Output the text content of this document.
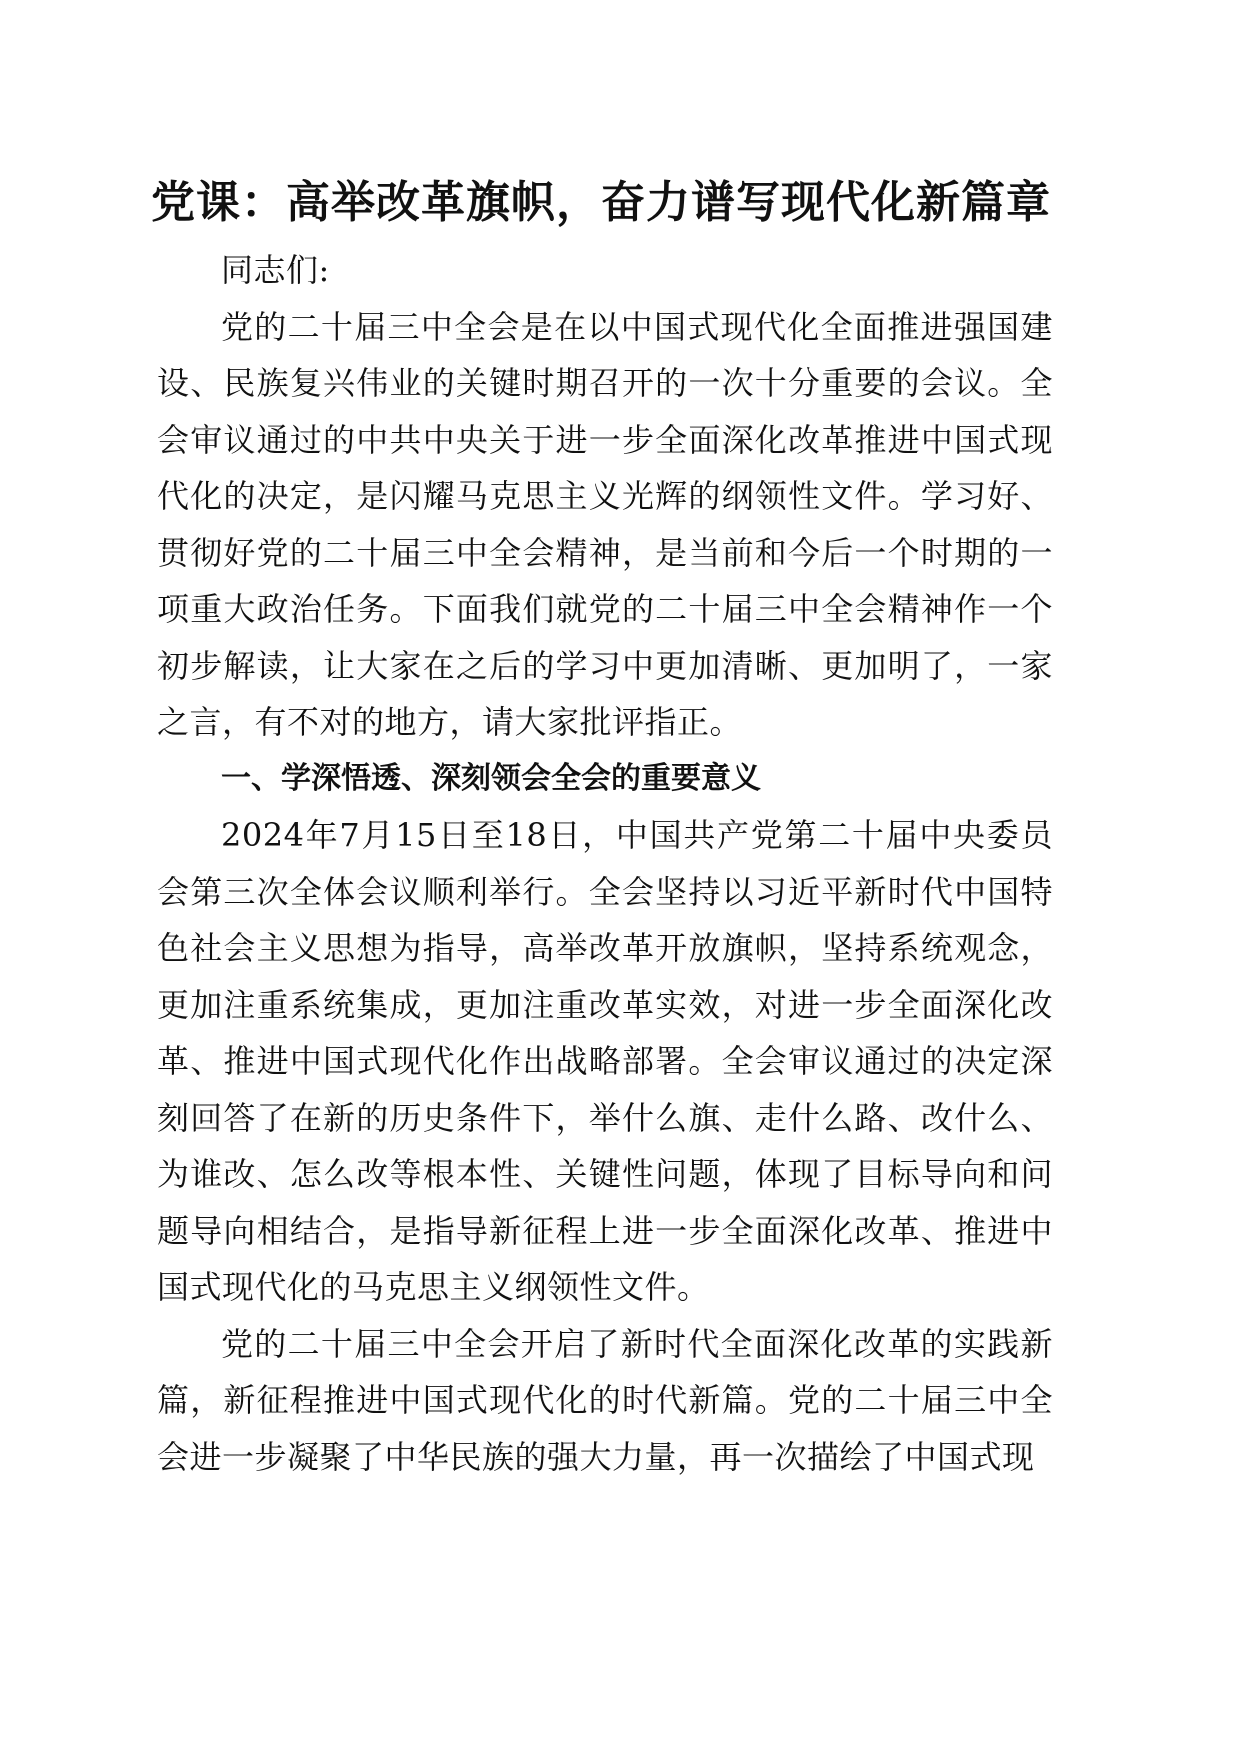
党课：高举改革旗帜，奋力谱写现代化新篇章

同志们:

党的二十届三中全会是在以中国式现代化全面推进强国建设、民族复兴伟业的关键时期召开的一次十分重要的会议。全会审议通过的中共中央关于进一步全面深化改革推进中国式现代化的决定，是闪耀马克思主义光辉的纲领性文件。学习好、贯彻好党的二十届三中全会精神，是当前和今后一个时期的一项重大政治任务。下面我们就党的二十届三中全会精神作一个初步解读，让大家在之后的学习中更加清晰、更加明了，一家之言，有不对的地方，请大家批评指正。

一、学深悟透、深刻领会全会的重要意义

2024年7月15日至18日，中国共产党第二十届中央委员会第三次全体会议顺利举行。全会坚持以习近平新时代中国特色社会主义思想为指导，高举改革开放旗帜，坚持系统观念，更加注重系统集成，更加注重改革实效，对进一步全面深化改革、推进中国式现代化作出战略部署。全会审议通过的决定深刻回答了在新的历史条件下，举什么旗、走什么路、改什么、为谁改、怎么改等根本性、关键性问题，体现了目标导向和问题导向相结合，是指导新征程上进一步全面深化改革、推进中国式现代化的马克思主义纲领性文件。

党的二十届三中全会开启了新时代全面深化改革的实践新篇，新征程推进中国式现代化的时代新篇。党的二十届三中全会进一步凝聚了中华民族的强大力量，再一次描绘了中国式现
